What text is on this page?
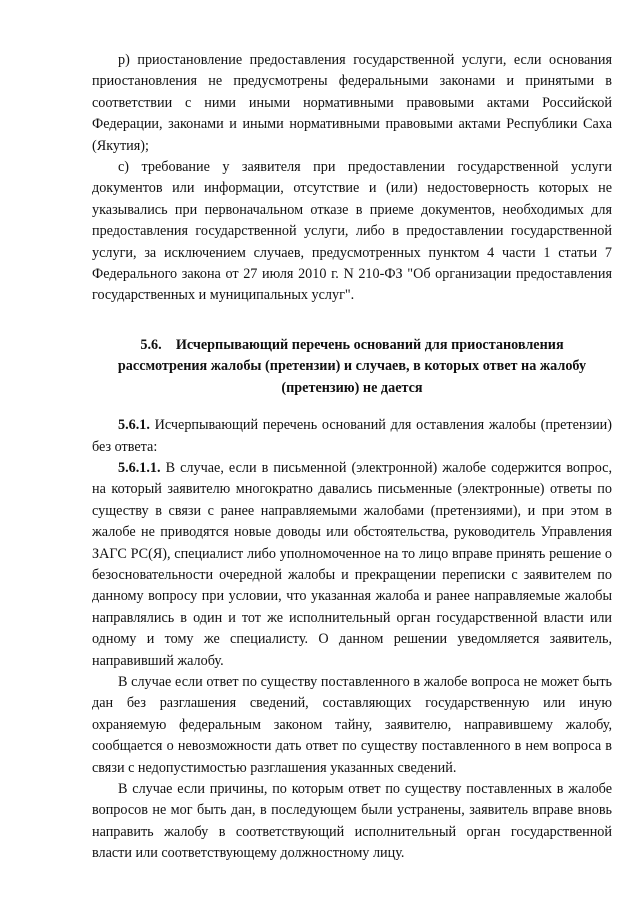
р) приостановление предоставления государственной услуги, если основания приостановления не предусмотрены федеральными законами и принятыми в соответствии с ними иными нормативными правовыми актами Российской Федерации, законами и иными нормативными правовыми актами Республики Саха (Якутия);

с) требование у заявителя при предоставлении государственной услуги документов или информации, отсутствие и (или) недостоверность которых не указывались при первоначальном отказе в приеме документов, необходимых для предоставления государственной услуги, либо в предоставлении государственной услуги, за исключением случаев, предусмотренных пунктом 4 части 1 статьи 7 Федерального закона от 27 июля 2010 г. N 210-ФЗ "Об организации предоставления государственных и муниципальных услуг".

5.6. Исчерпывающий перечень оснований для приостановления рассмотрения жалобы (претензии) и случаев, в которых ответ на жалобу (претензию) не дается

5.6.1. Исчерпывающий перечень оснований для оставления жалобы (претензии) без ответа:

5.6.1.1. В случае, если в письменной (электронной) жалобе содержится вопрос, на который заявителю многократно давались письменные (электронные) ответы по существу в связи с ранее направляемыми жалобами (претензиями), и при этом в жалобе не приводятся новые доводы или обстоятельства, руководитель Управления ЗАГС РС(Я), специалист либо уполномоченное на то лицо вправе принять решение о безосновательности очередной жалобы и прекращении переписки с заявителем по данному вопросу при условии, что указанная жалоба и ранее направляемые жалобы направлялись в один и тот же исполнительный орган государственной власти или одному и тому же специалисту. О данном решении уведомляется заявитель, направивший жалобу.

В случае если ответ по существу поставленного в жалобе вопроса не может быть дан без разглашения сведений, составляющих государственную или иную охраняемую федеральным законом тайну, заявителю, направившему жалобу, сообщается о невозможности дать ответ по существу поставленного в нем вопроса в связи с недопустимостью разглашения указанных сведений.

В случае если причины, по которым ответ по существу поставленных в жалобе вопросов не мог быть дан, в последующем были устранены, заявитель вправе вновь направить жалобу в соответствующий исполнительный орган государственной власти или соответствующему должностному лицу.
